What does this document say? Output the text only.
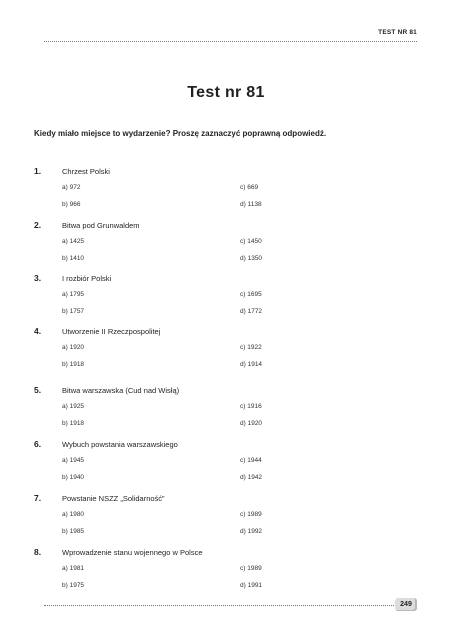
TEST NR 81
Test nr 81
Kiedy miało miejsce to wydarzenie? Proszę zaznaczyć poprawną odpowiedź.
1.	Chrzest Polski
a) 972
b) 966
c) 669
d) 1138
2.	Bitwa pod Grunwaldem
a) 1425
b) 1410
c) 1450
d) 1350
3.	I rozbiór Polski
a) 1795
b) 1757
c) 1695
d) 1772
4.	Utworzenie II Rzeczpospolitej
a) 1920
b) 1918
c) 1922
d) 1914
5.	Bitwa warszawska (Cud nad Wisłą)
a) 1925
b) 1918
c) 1916
d) 1920
6.	Wybuch powstania warszawskiego
a) 1945
b) 1940
c) 1944
d) 1942
7.	Powstanie NSZZ „Solidarność”
a) 1980
b) 1985
c) 1989
d) 1992
8.	Wprowadzenie stanu wojennego w Polsce
a) 1981
b) 1975
c) 1989
d) 1991
249
